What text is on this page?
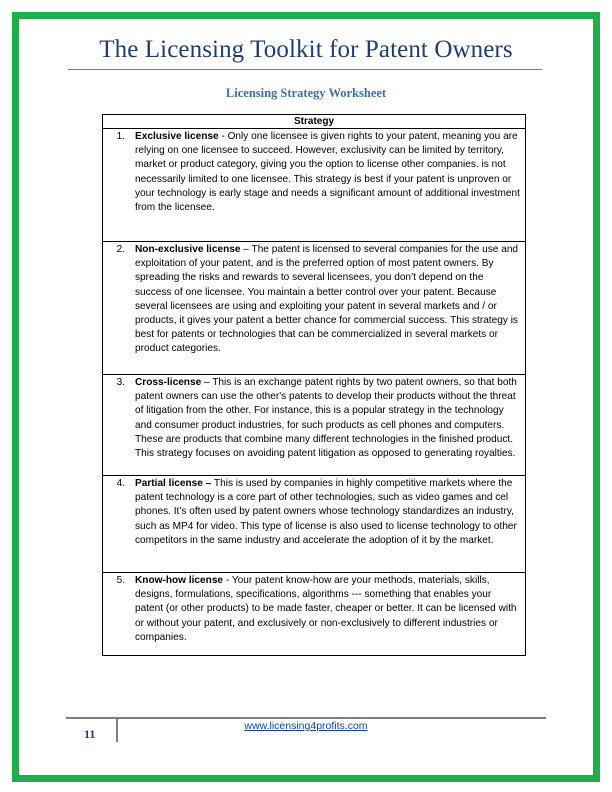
The Licensing Toolkit for Patent Owners
Licensing Strategy Worksheet
Strategy

1. Exclusive license - Only one licensee is given rights to your patent, meaning you are relying on one licensee to succeed. However, exclusivity can be limited by territory, market or product category, giving you the option to license other companies. is not necessarily limited to one licensee. This strategy is best if your patent is unproven or your technology is early stage and needs a significant amount of additional investment from the licensee.

2. Non-exclusive license – The patent is licensed to several companies for the use and exploitation of your patent, and is the preferred option of most patent owners. By spreading the risks and rewards to several licensees, you don’t depend on the success of one licensee. You maintain a better control over your patent. Because several licensees are using and exploiting your patent in several markets and / or products, it gives your patent a better chance for commercial success. This strategy is best for patents or technologies that can be commercialized in several markets or product categories.

3. Cross-license – This is an exchange patent rights by two patent owners, so that both patent owners can use the other's patents to develop their products without the threat of litigation from the other. For instance, this is a popular strategy in the technology and consumer product industries, for such products as cell phones and computers. These are products that combine many different technologies in the finished product. This strategy focuses on avoiding patent litigation as opposed to generating royalties.

4. Partial license – This is used by companies in highly competitive markets where the patent technology is a core part of other technologies, such as video games and cel phones. It’s often used by patent owners whose technology standardizes an industry, such as MP4 for video. This type of license is also used to license technology to other competitors in the same industry and accelerate the adoption of it by the market.

5. Know-how license - Your patent know-how are your methods, materials, skills, designs, formulations, specifications, algorithms --- something that enables your patent (or other products) to be made faster, cheaper or better. It can be licensed with or without your patent, and exclusively or non-exclusively to different industries or companies.
11
www.licensing4profits.com
